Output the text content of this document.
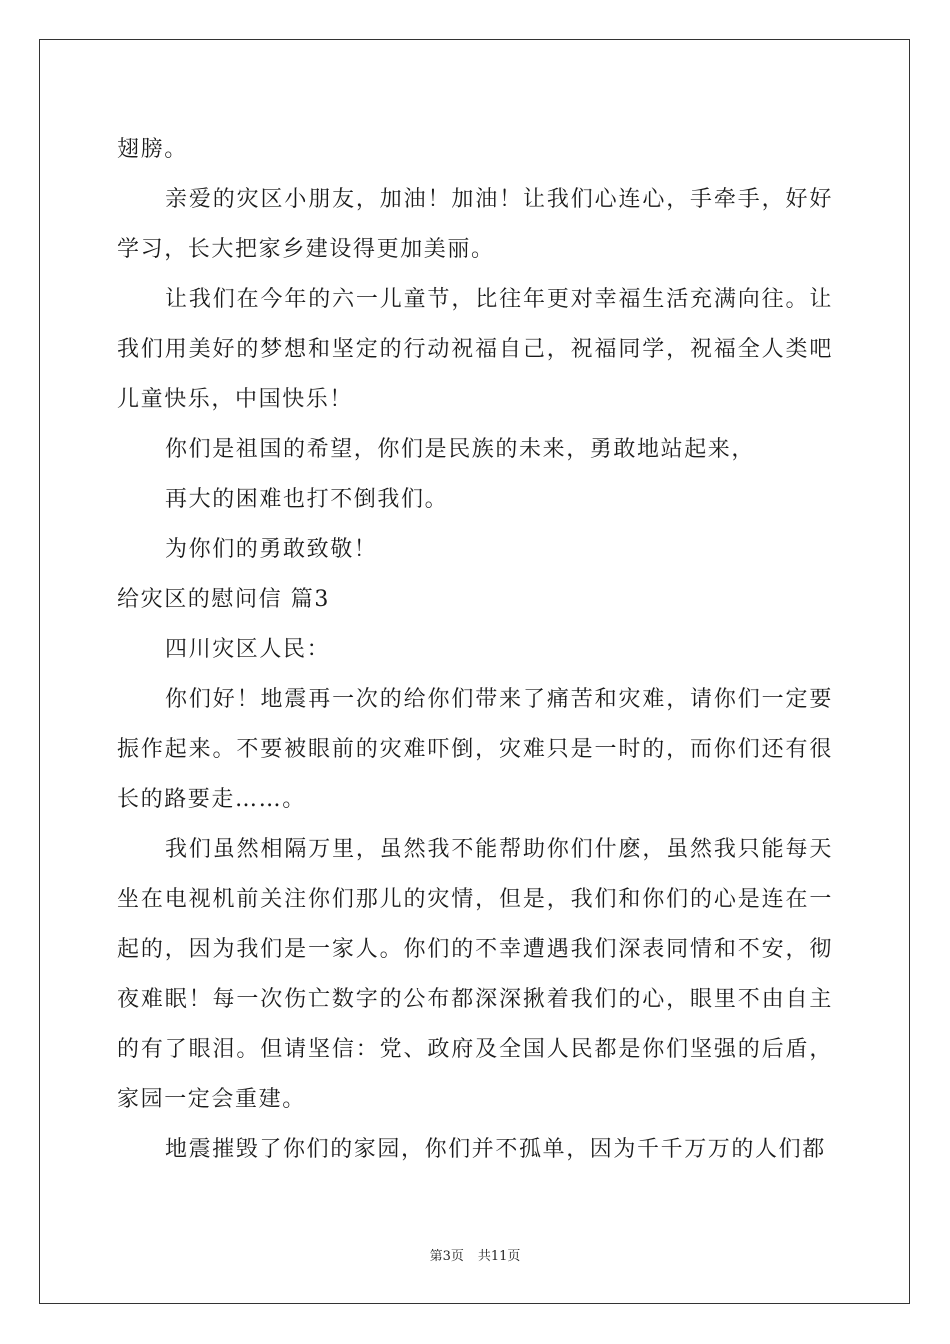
翅膀。

亲爱的灾区小朋友，加油！加油！让我们心连心，手牵手，好好学习，长大把家乡建设得更加美丽。

让我们在今年的六一儿童节，比往年更对幸福生活充满向往。让我们用美好的梦想和坚定的行动祝福自己，祝福同学，祝福全人类吧儿童快乐，中国快乐！

你们是祖国的希望，你们是民族的未来，勇敢地站起来，

再大的困难也打不倒我们。

为你们的勇敢致敬！

给灾区的慰问信 篇3

四川灾区人民：

你们好！地震再一次的给你们带来了痛苦和灾难，请你们一定要振作起来。不要被眼前的灾难吓倒，灾难只是一时的，而你们还有很长的路要走……。

我们虽然相隔万里，虽然我不能帮助你们什麽，虽然我只能每天坐在电视机前关注你们那儿的灾情，但是，我们和你们的心是连在一起的，因为我们是一家人。你们的不幸遭遇我们深表同情和不安，彻夜难眠！每一次伤亡数字的公布都深深揪着我们的心，眼里不由自主的有了眼泪。但请坚信：党、政府及全国人民都是你们坚强的后盾，家园一定会重建。

地震摧毁了你们的家园，你们并不孤单，因为千千万万的人们都

第3页 共11页
